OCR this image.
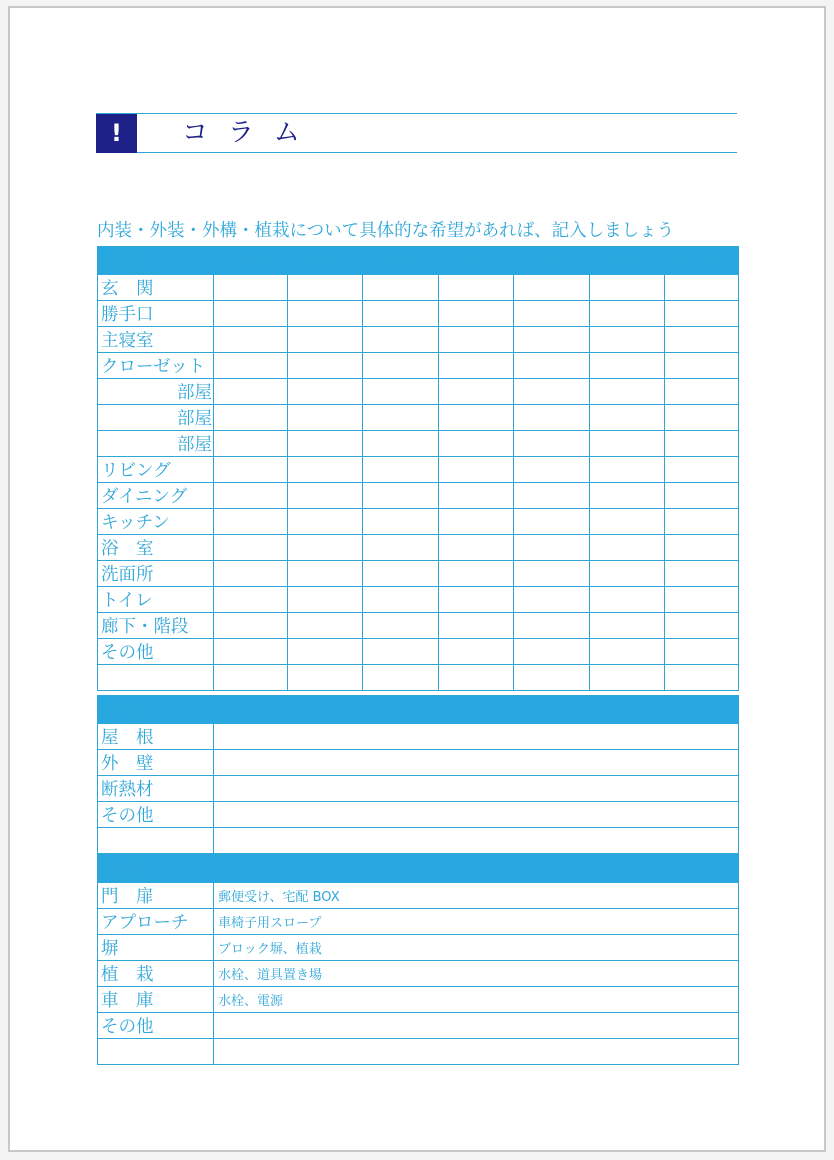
!	コラム
内装・外装・外構・植栽について具体的な希望があれば、記入しましょう
内装	壁紙	天井材	床材	ドア	窓	照明	カーテン
玄　関							
勝手口							
主寝室							
クローゼット							
部屋							
部屋							
部屋							
リビング							
ダイニング							
キッチン							
浴　室							
洗面所							
トイレ							
廊下・階段							
その他							

外装	
屋　根	
外　壁	
断熱材	
その他	

外構	
門　扉	郵便受け、宅配 BOX
アプローチ	車椅子用スロープ
塀	ブロック塀、植栽
植　栽	水栓、道具置き場
車　庫	水栓、電源
その他	
